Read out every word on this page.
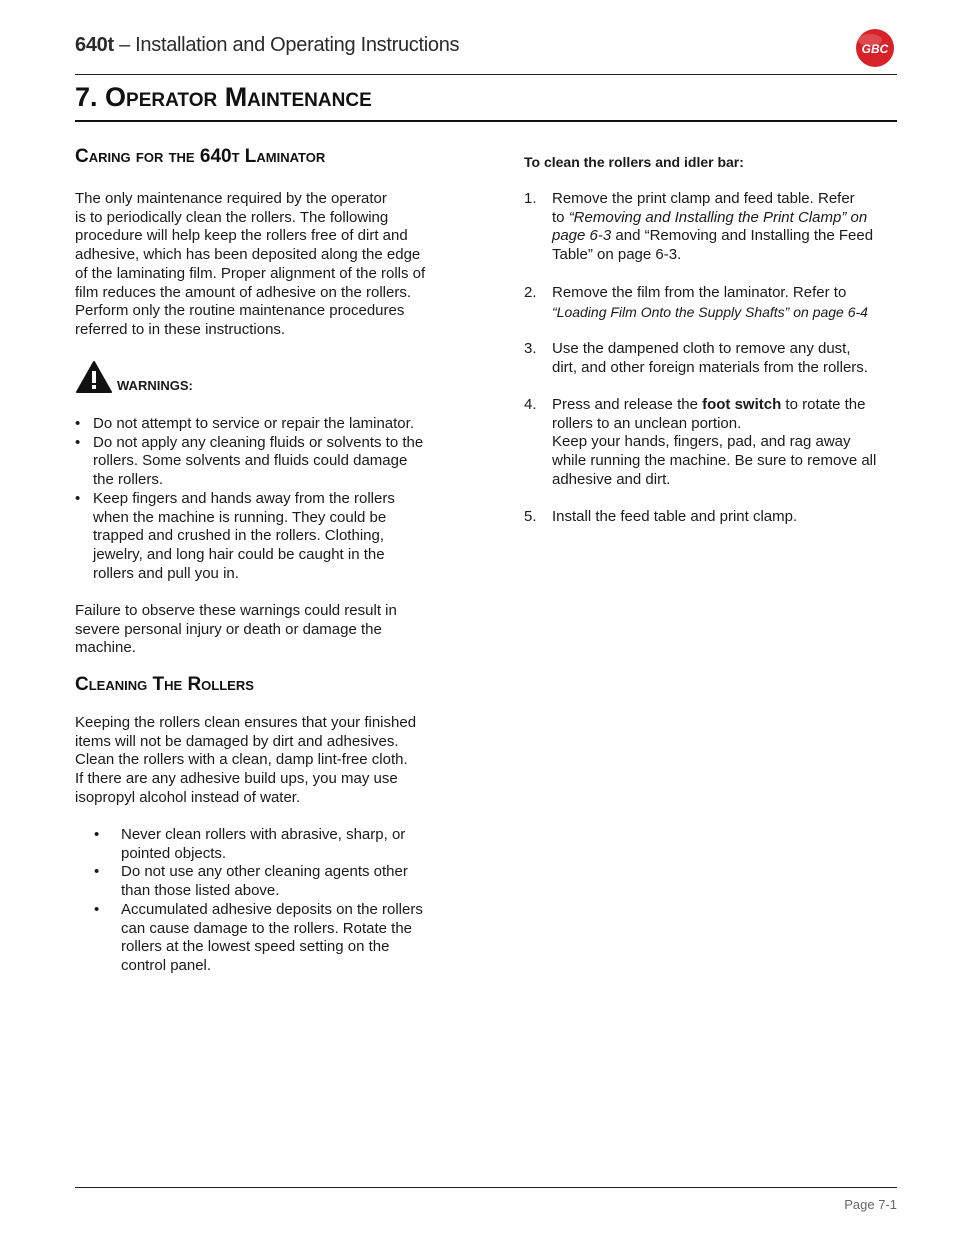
640t – Installation and Operating Instructions	GBC
7. Operator Maintenance
Caring for the 640t Laminator

The only maintenance required by the operator

is to periodically clean the rollers. The following

procedure will help keep the rollers free of dirt and

adhesive, which has been deposited along the edge

of the laminating film. Proper alignment of the rolls of

film reduces the amount of adhesive on the rollers.

Perform only the routine maintenance procedures

referred to in these instructions.

WARNINGS:
• Do not attempt to service or repair the laminator.
• Do not apply any cleaning fluids or solvents to the
rollers. Some solvents and fluids could damage
the rollers.
• Keep fingers and hands away from the rollers
when the machine is running. They could be
trapped and crushed in the rollers. Clothing,
jewelry, and long hair could be caught in the
rollers and pull you in.

Failure to observe these warnings could result in

severe personal injury or death or damage the

machine.

Cleaning The Rollers

Keeping the rollers clean ensures that your finished

items will not be damaged by dirt and adhesives.

Clean the rollers with a clean, damp lint-free cloth.

If there are any adhesive build ups, you may use

isopropyl alcohol instead of water.

• Never clean rollers with abrasive, sharp, or
pointed objects.
• Do not use any other cleaning agents other
than those listed above.
• Accumulated adhesive deposits on the rollers
can cause damage to the rollers. Rotate the
rollers at the lowest speed setting on the
control panel.
To clean the rollers and idler bar:
1. Remove the print clamp and feed table. Refer
to “Removing and Installing the Print Clamp” on
page 6-3 and “Removing and Installing the Feed
Table” on page 6-3.
2. Remove the film from the laminator. Refer to
“Loading Film Onto the Supply Shafts” on page 6-4
3. Use the dampened cloth to remove any dust,
dirt, and other foreign materials from the rollers.
4. Press and release the foot switch to rotate the
rollers to an unclean portion.
Keep your hands, fingers, pad, and rag away
while running the machine. Be sure to remove all
adhesive and dirt.
5. Install the feed table and print clamp.
Page 7-1
